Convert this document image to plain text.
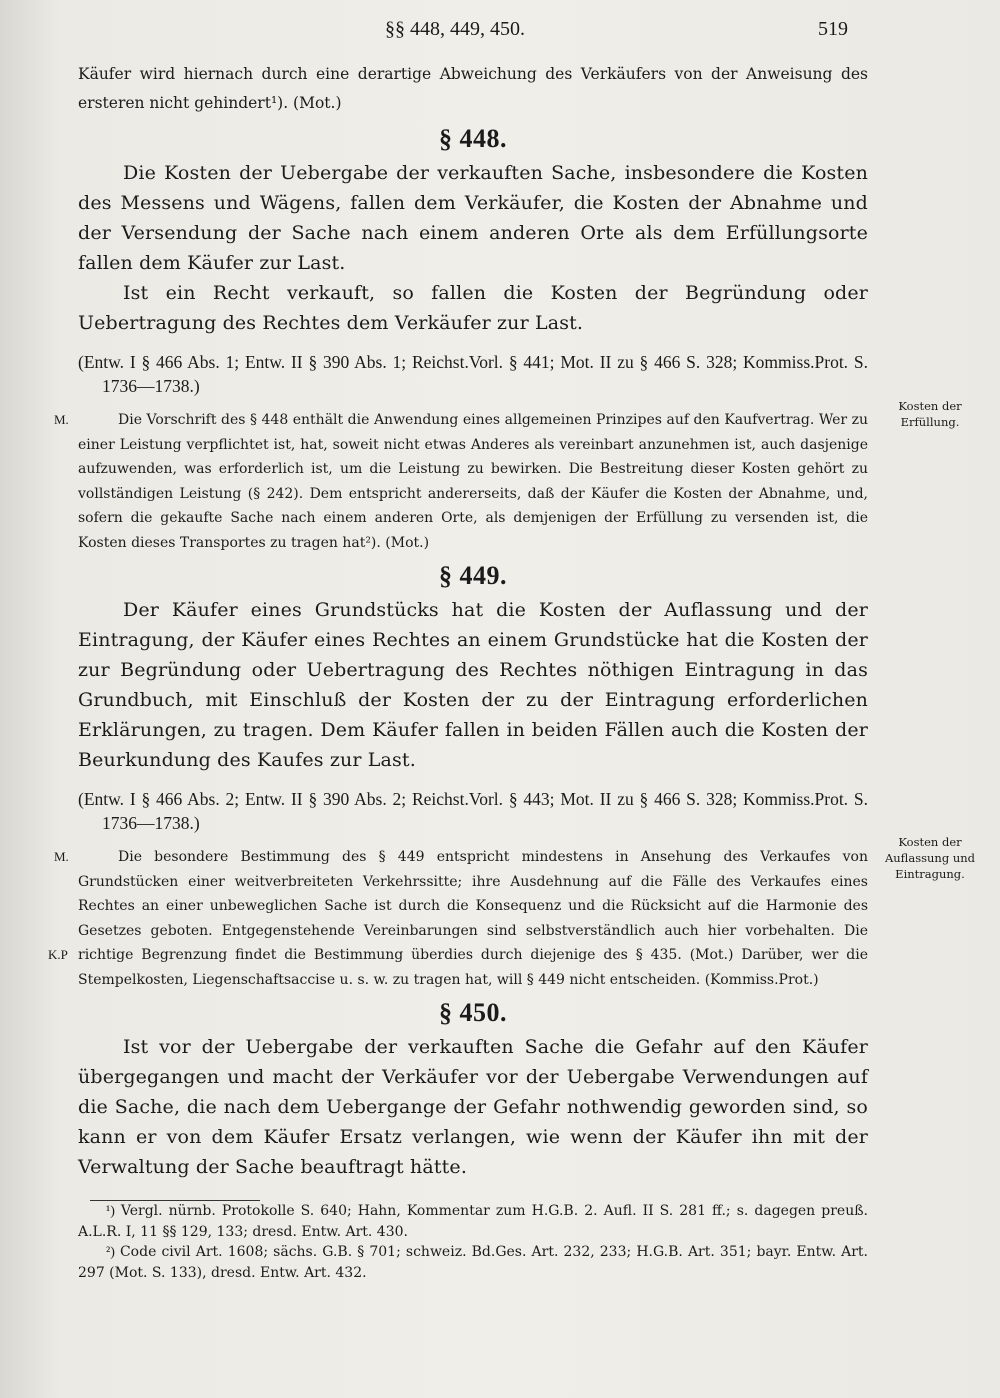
§§ 448, 449, 450.	519
Kosten der Erfüllung.
Kosten der Auflassung und Eintragung.

Käufer wird hiernach durch eine derartige Abweichung des Verkäufers von der Anweisung des ersteren nicht gehindert¹). (Mot.)

§ 448.

Die Kosten der Uebergabe der verkauften Sache, insbesondere die Kosten des Messens und Wägens, fallen dem Verkäufer, die Kosten der Abnahme und der Versendung der Sache nach einem anderen Orte als dem Erfüllungsorte fallen dem Käufer zur Last.

Ist ein Recht verkauft, so fallen die Kosten der Begründung oder Uebertragung des Rechtes dem Verkäufer zur Last.

(Entw. I § 466 Abs. 1; Entw. II § 390 Abs. 1; Reichst.Vorl. § 441; Mot. II zu § 466 S. 328; Kommiss.Prot. S. 1736—1738.)

M.	Die Vorschrift des § 448 enthält die Anwendung eines allgemeinen Prinzipes auf den Kaufvertrag. Wer zu einer Leistung verpflichtet ist, hat, soweit nicht etwas Anderes als vereinbart anzunehmen ist, auch dasjenige aufzuwenden, was erforderlich ist, um die Leistung zu bewirken. Die Bestreitung dieser Kosten gehört zu vollständigen Leistung (§ 242). Dem entspricht andererseits, daß der Käufer die Kosten der Abnahme, und, sofern die gekaufte Sache nach einem anderen Orte, als demjenigen der Erfüllung zu versenden ist, die Kosten dieses Transportes zu tragen hat²). (Mot.)
§ 449.

Der Käufer eines Grundstücks hat die Kosten der Auflassung und der Eintragung, der Käufer eines Rechtes an einem Grundstücke hat die Kosten der zur Begründung oder Uebertragung des Rechtes nöthigen Eintragung in das Grundbuch, mit Einschluß der Kosten der zu der Eintragung erforderlichen Erklärungen, zu tragen. Dem Käufer fallen in beiden Fällen auch die Kosten der Beurkundung des Kaufes zur Last.

(Entw. I § 466 Abs. 2; Entw. II § 390 Abs. 2; Reichst.Vorl. § 443; Mot. II zu § 466 S. 328; Kommiss.Prot. S. 1736—1738.)

M.
K.P
Die besondere Bestimmung des § 449 entspricht mindestens in Ansehung des Verkaufes von Grundstücken einer weitverbreiteten Verkehrssitte; ihre Ausdehnung auf die Fälle des Verkaufes eines Rechtes an einer unbeweglichen Sache ist durch die Konsequenz und die Rücksicht auf die Harmonie des Gesetzes geboten. Entgegenstehende Vereinbarungen sind selbstverständlich auch hier vorbehalten. Die richtige Begrenzung findet die Bestimmung überdies durch diejenige des § 435. (Mot.) Darüber, wer die Stempelkosten, Liegenschaftsaccise u. s. w. zu tragen hat, will § 449 nicht entscheiden. (Kommiss.Prot.)
§ 450.

Ist vor der Uebergabe der verkauften Sache die Gefahr auf den Käufer übergegangen und macht der Verkäufer vor der Uebergabe Verwendungen auf die Sache, die nach dem Uebergange der Gefahr nothwendig geworden sind, so kann er von dem Käufer Ersatz verlangen, wie wenn der Käufer ihn mit der Verwaltung der Sache beauftragt hätte.

¹) Vergl. nürnb. Protokolle S. 640; Hahn, Kommentar zum H.G.B. 2. Aufl. II S. 281 ff.; s. dagegen preuß. A.L.R. I, 11 §§ 129, 133; dresd. Entw. Art. 430.

²) Code civil Art. 1608; sächs. G.B. § 701; schweiz. Bd.Ges. Art. 232, 233; H.G.B. Art. 351; bayr. Entw. Art. 297 (Mot. S. 133), dresd. Entw. Art. 432.
